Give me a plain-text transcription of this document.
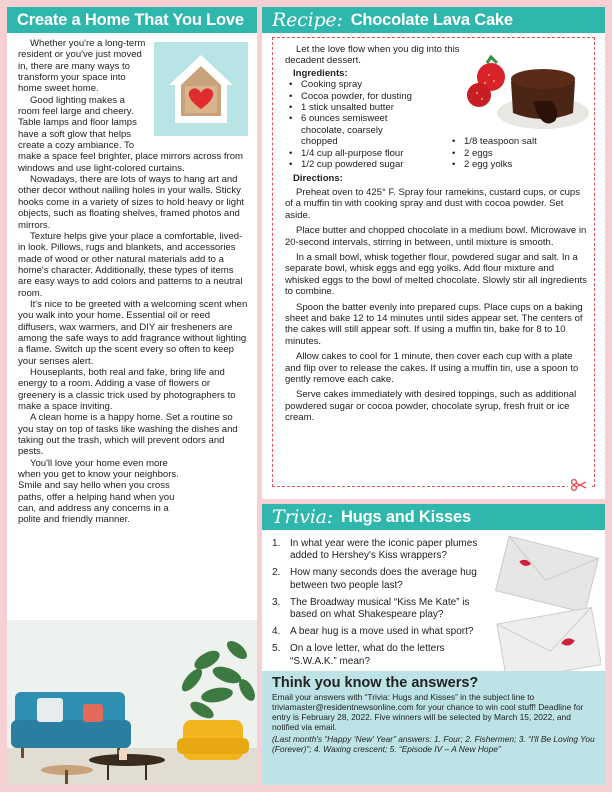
Create a Home That You Love

Whether you're a long-term resident or you've just moved in, there are many ways to transform your space into home sweet home.

Good lighting makes a room feel large and cheery. Table lamps and floor lamps have a soft glow that helps create a cozy ambiance. To make a space feel brighter, place mirrors across from windows and use light-colored curtains.

Nowadays, there are lots of ways to hang art and other decor without nailing holes in your walls. Sticky hooks come in a variety of sizes to hold heavy or light objects, such as floating shelves, framed photos and mirrors.

Texture helps give your place a comfortable, lived-in look. Pillows, rugs and blankets, and accessories made of wood or other natural materials add to a home's character. Additionally, these types of items are easy ways to add colors and patterns to a neutral room.

It's nice to be greeted with a welcoming scent when you walk into your home. Essential oil or reed diffusers, wax warmers, and DIY air fresheners are among the safe ways to add fragrance without lighting a flame. Switch up the scent every so often to keep your senses alert.

Houseplants, both real and fake, bring life and energy to a room. Adding a vase of flowers or greenery is a classic trick used by photographers to make a space inviting.

A clean home is a happy home. Set a routine so you stay on top of tasks like washing the dishes and taking out the trash, which will prevent odors and pests.

You'll love your home even more when you get to know your neighbors. Smile and say hello when you cross paths, offer a helping hand when you can, and address any concerns in a polite and friendly manner.

Recipe: Chocolate Lava Cake

Let the love flow when you dig into this decadent dessert.

Ingredients:
• Cooking spray
• Cocoa powder, for dusting
• 1 stick unsalted butter
• 6 ounces semisweet chocolate, coarsely chopped
• 1/4 cup all-purpose flour
• 1/2 cup powdered sugar
• 1/8 teaspoon salt
• 2 eggs
• 2 egg yolks
Directions:

Preheat oven to 425° F. Spray four ramekins, custard cups, or cups of a muffin tin with cooking spray and dust with cocoa powder. Set aside.

Place butter and chopped chocolate in a medium bowl. Microwave in 20-second intervals, stirring in between, until mixture is smooth.

In a small bowl, whisk together flour, powdered sugar and salt. In a separate bowl, whisk eggs and egg yolks. Add flour mixture and whisked eggs to the bowl of melted chocolate. Slowly stir all ingredients to combine.

Spoon the batter evenly into prepared cups. Place cups on a baking sheet and bake 12 to 14 minutes until sides appear set. The centers of the cakes will still appear soft. If using a muffin tin, bake for 8 to 10 minutes.

Allow cakes to cool for 1 minute, then cover each cup with a plate and flip over to release the cakes. If using a muffin tin, use a spoon to gently remove each cake.

Serve cakes immediately with desired toppings, such as additional powdered sugar or cocoa powder, chocolate syrup, fresh fruit or ice cream.

Trivia: Hugs and Kisses
1. In what year were the iconic paper plumes added to Hershey's Kiss wrappers?
2. How many seconds does the average hug between two people last?
3. The Broadway musical “Kiss Me Kate” is based on what Shakespeare play?
4. A bear hug is a move used in what sport?
5. On a love letter, what do the letters “S.W.A.K.” mean?
Think you know the answers?

Email your answers with “Trivia: Hugs and Kisses” in the subject line to triviamaster@residentnewsonline.com for your chance to win cool stuff! Deadline for entry is February 28, 2022. Five winners will be selected by March 15, 2022, and notified via email.

(Last month's “Happy ‘New’ Year” answers: 1. Four; 2. Fishermen; 3. “I'll Be Loving You (Forever)”; 4. Waxing crescent; 5. “Episode IV – A New Hope”
